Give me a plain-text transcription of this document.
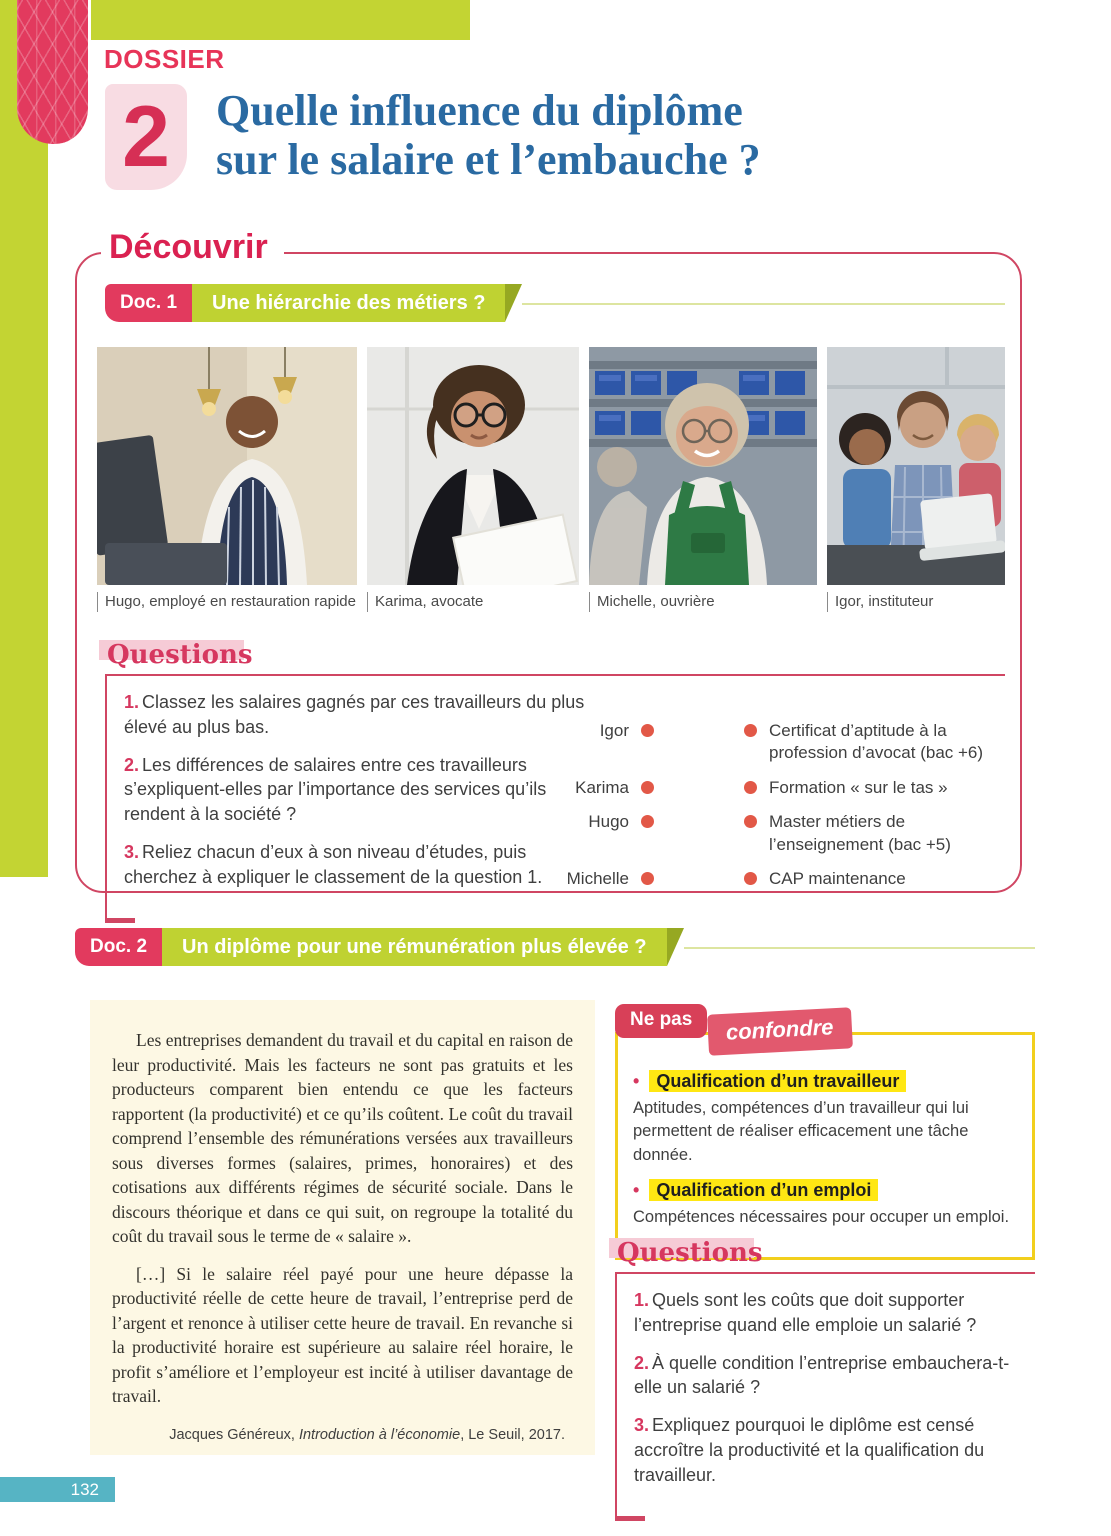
DOSSIER
2 Quelle influence du diplôme
sur le salaire et l’embauche ?
Découvrir
Doc. 1	Une hiérarchie des métiers ?
Hugo, employé en restauration rapide	Karima, avocate	Michelle, ouvrière	Igor, instituteur
Questions
1. Classez les salaires gagnés par ces travailleurs du plus élevé au plus bas.
2. Les différences de salaires entre ces travailleurs s’expliquent-elles par l’importance des services qu’ils rendent à la société ?
3. Reliez chacun d’eux à son niveau d’études, puis cherchez à expliquer le classement de la question 1.
Igor	Certificat d’aptitude à la profession d’avocat (bac +6)
Karima	Formation « sur le tas »
Hugo	Master métiers de l’enseignement (bac +5)
Michelle	CAP maintenance
Doc. 2	Un diplôme pour une rémunération plus élevée ?

Les entreprises demandent du travail et du capital en raison de leur productivité. Mais les facteurs ne sont pas gratuits et les producteurs comparent bien entendu ce que les facteurs rapportent (la productivité) et ce qu’ils coûtent. Le coût du travail comprend l’ensemble des rémunérations versées aux travailleurs sous diverses formes (salaires, primes, honoraires) et des cotisations aux différents régimes de sécurité sociale. Dans le discours théorique et dans ce qui suit, on regroupe la totalité du coût du travail sous le terme de « salaire ».

[…] Si le salaire réel payé pour une heure dépasse la productivité réelle de cette heure de travail, l’entreprise perd de l’argent et renonce à utiliser cette heure de travail. En revanche si la productivité horaire est supérieure au salaire réel horaire, le profit s’améliore et l’employeur est incité à utiliser davantage de travail.

Jacques Généreux, Introduction à l’économie, Le Seuil, 2017.
Ne pas	confondre
• Qualification d’un travailleur
Aptitudes, compétences d’un travailleur qui lui permettent de réaliser efficacement une tâche donnée.
• Qualification d’un emploi
Compétences nécessaires pour occuper un emploi.
Questions
1. Quels sont les coûts que doit supporter l’entreprise quand elle emploie un salarié ?
2. À quelle condition l’entreprise embauchera-t-elle un salarié ?
3. Expliquez pourquoi le diplôme est censé accroître la productivité et la qualification du travailleur.
132
